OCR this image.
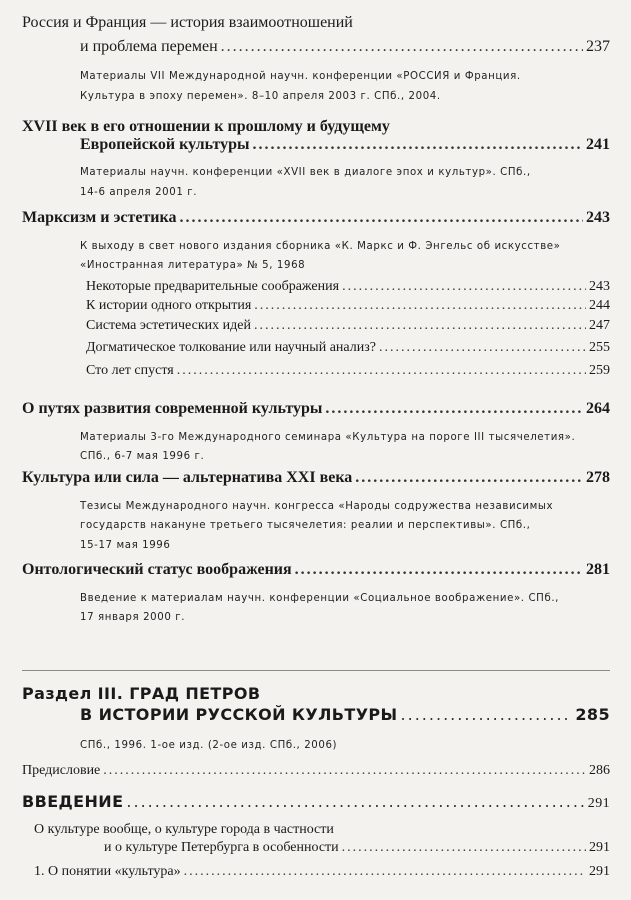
Россия и Франция — история взаимоотношений
и проблема перемен .....	237
Материалы VII Международной научн. конференции «РОССИЯ и Франция.
Культура в эпоху перемен». 8–10 апреля 2003 г. СПб., 2004.
XVII век в его отношении к прошлому и будущему
Европейской культуры .....	241
Материалы научн. конференции «XVII век в диалоге эпох и культур». СПб.,
14-6 апреля 2001 г.
Марксизм и эстетика .....	243
К выходу в свет нового издания сборника «К. Маркс и Ф. Энгельс об искусстве»
«Иностранная литература» № 5, 1968
Некоторые предварительные соображения .....	243
К истории одного открытия .....	244
Система эстетических идей .....	247
Догматическое толкование или научный анализ? .....	255
Сто лет спустя .....	259
О путях развития современной культуры .....	264
Материалы 3-го Международного семинара «Культура на пороге III тысячелетия».
СПб., 6-7 мая 1996 г.
Культура или сила — альтернатива XXI века .....	278
Тезисы Международного научн. конгресса «Народы содружества независимых
государств накануне третьего тысячелетия: реалии и перспективы». СПб.,
15-17 мая 1996
Онтологический статус воображения .....	281
Введение к материалам научн. конференции «Социальное воображение». СПб.,
17 января 2000 г.
Раздел III. ГРАД ПЕТРОВ
В ИСТОРИИ РУССКОЙ КУЛЬТУРЫ .....	285
СПб., 1996. 1-ое изд. (2-ое изд. СПб., 2006)
Предисловие .....	286
ВВЕДЕНИЕ .....	291
О культуре вообще, о культуре города в частности
и о культуре Петербурга в особенности .....	291
1. О понятии «культура» .....	291
